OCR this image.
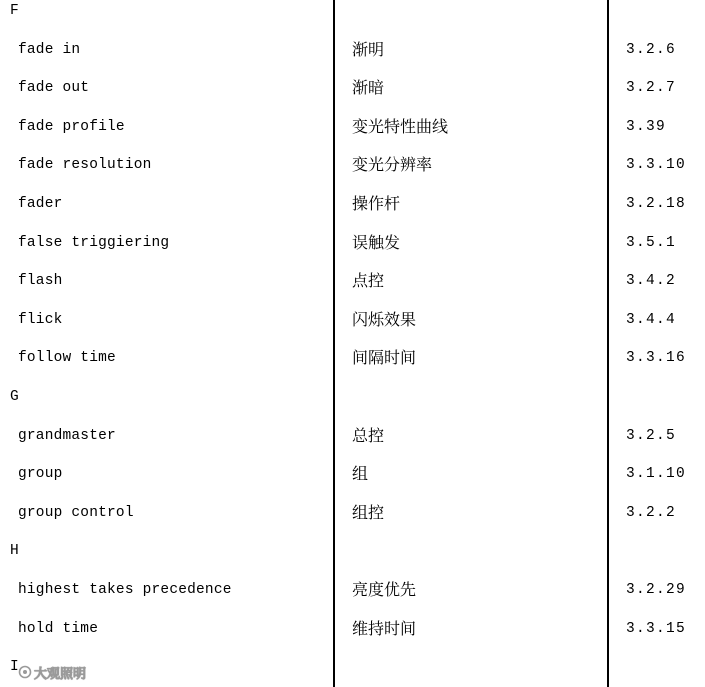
F
fade in	渐明	3.2.6
fade out	渐暗	3.2.7
fade profile	变光特性曲线	3.39
fade resolution	变光分辨率	3.3.10
fader	操作杆	3.2.18
false triggiering	误触发	3.5.1
flash	点控	3.4.2
flick	闪烁效果	3.4.4
follow time	间隔时间	3.3.16
G
grandmaster	总控	3.2.5
group	组	3.1.10
group control	组控	3.2.2
H
highest takes precedence	亮度优先	3.2.29
hold time	维持时间	3.3.15
I 大观照明
